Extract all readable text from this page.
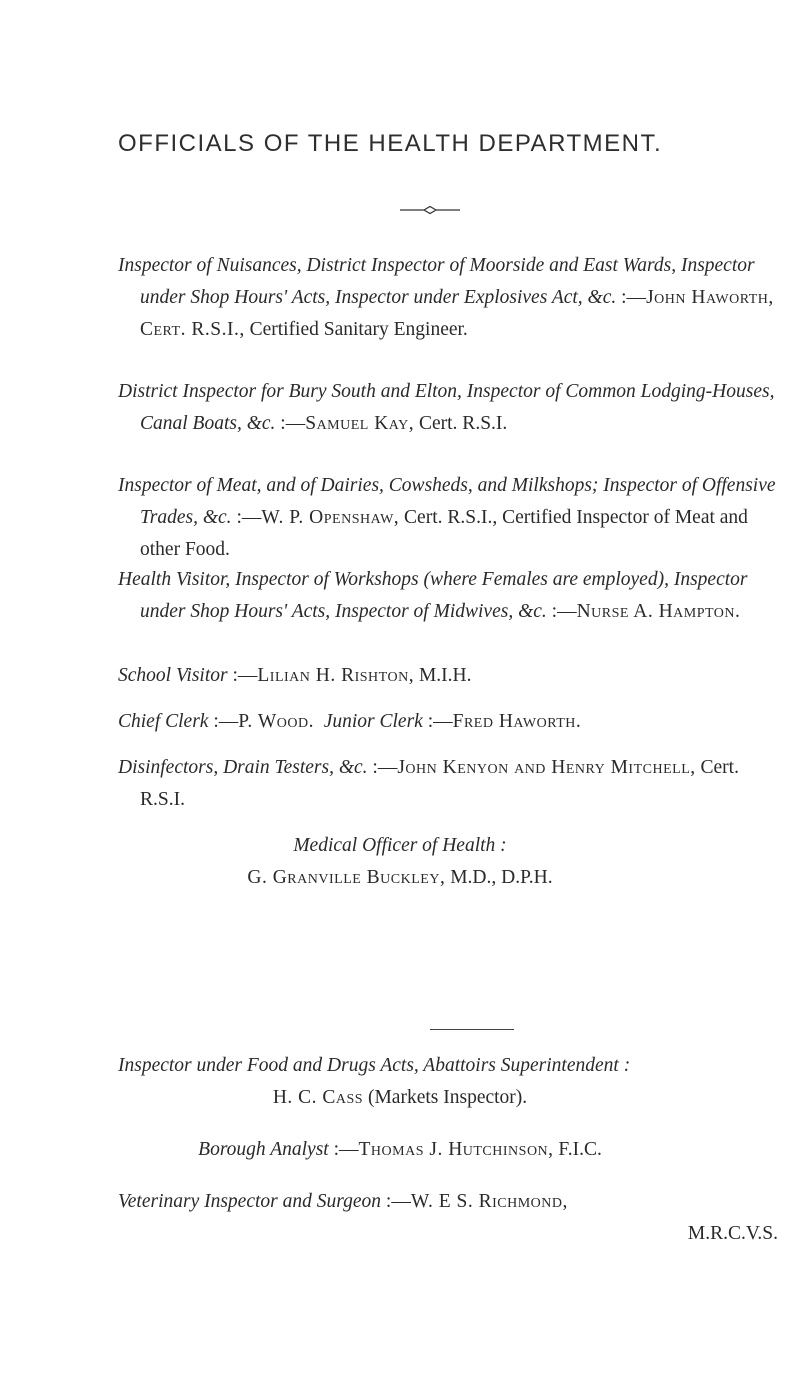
OFFICIALS OF THE HEALTH DEPARTMENT.
Inspector of Nuisances, District Inspector of Moorside and East Wards, Inspector under Shop Hours' Acts, Inspector under Explosives Act, &c. :—John Haworth, Cert. R.S.I., Certified Sanitary Engineer.
District Inspector for Bury South and Elton, Inspector of Common Lodging-Houses, Canal Boats, &c. :—Samuel Kay, Cert. R.S.I.
Inspector of Meat, and of Dairies, Cowsheds, and Milkshops; Inspector of Offensive Trades, &c. :—W. P. Openshaw, Cert. R.S.I., Certified Inspector of Meat and other Food.
Health Visitor, Inspector of Workshops (where Females are employed), Inspector under Shop Hours' Acts, Inspector of Midwives, &c. :—Nurse A. Hampton.
School Visitor :—Lilian H. Rishton, M.I.H.
Chief Clerk :—P. Wood. Junior Clerk :—Fred Haworth.
Disinfectors, Drain Testers, &c. :—John Kenyon and Henry Mitchell, Cert. R.S.I.
Medical Officer of Health :
G. Granville Buckley, M.D., D.P.H.
Inspector under Food and Drugs Acts, Abattoirs Superintendent :
H. C. Cass (Markets Inspector).
Borough Analyst :—Thomas J. Hutchinson, F.I.C.
Veterinary Inspector and Surgeon :—W. E S. Richmond,
M.R.C.V.S.
